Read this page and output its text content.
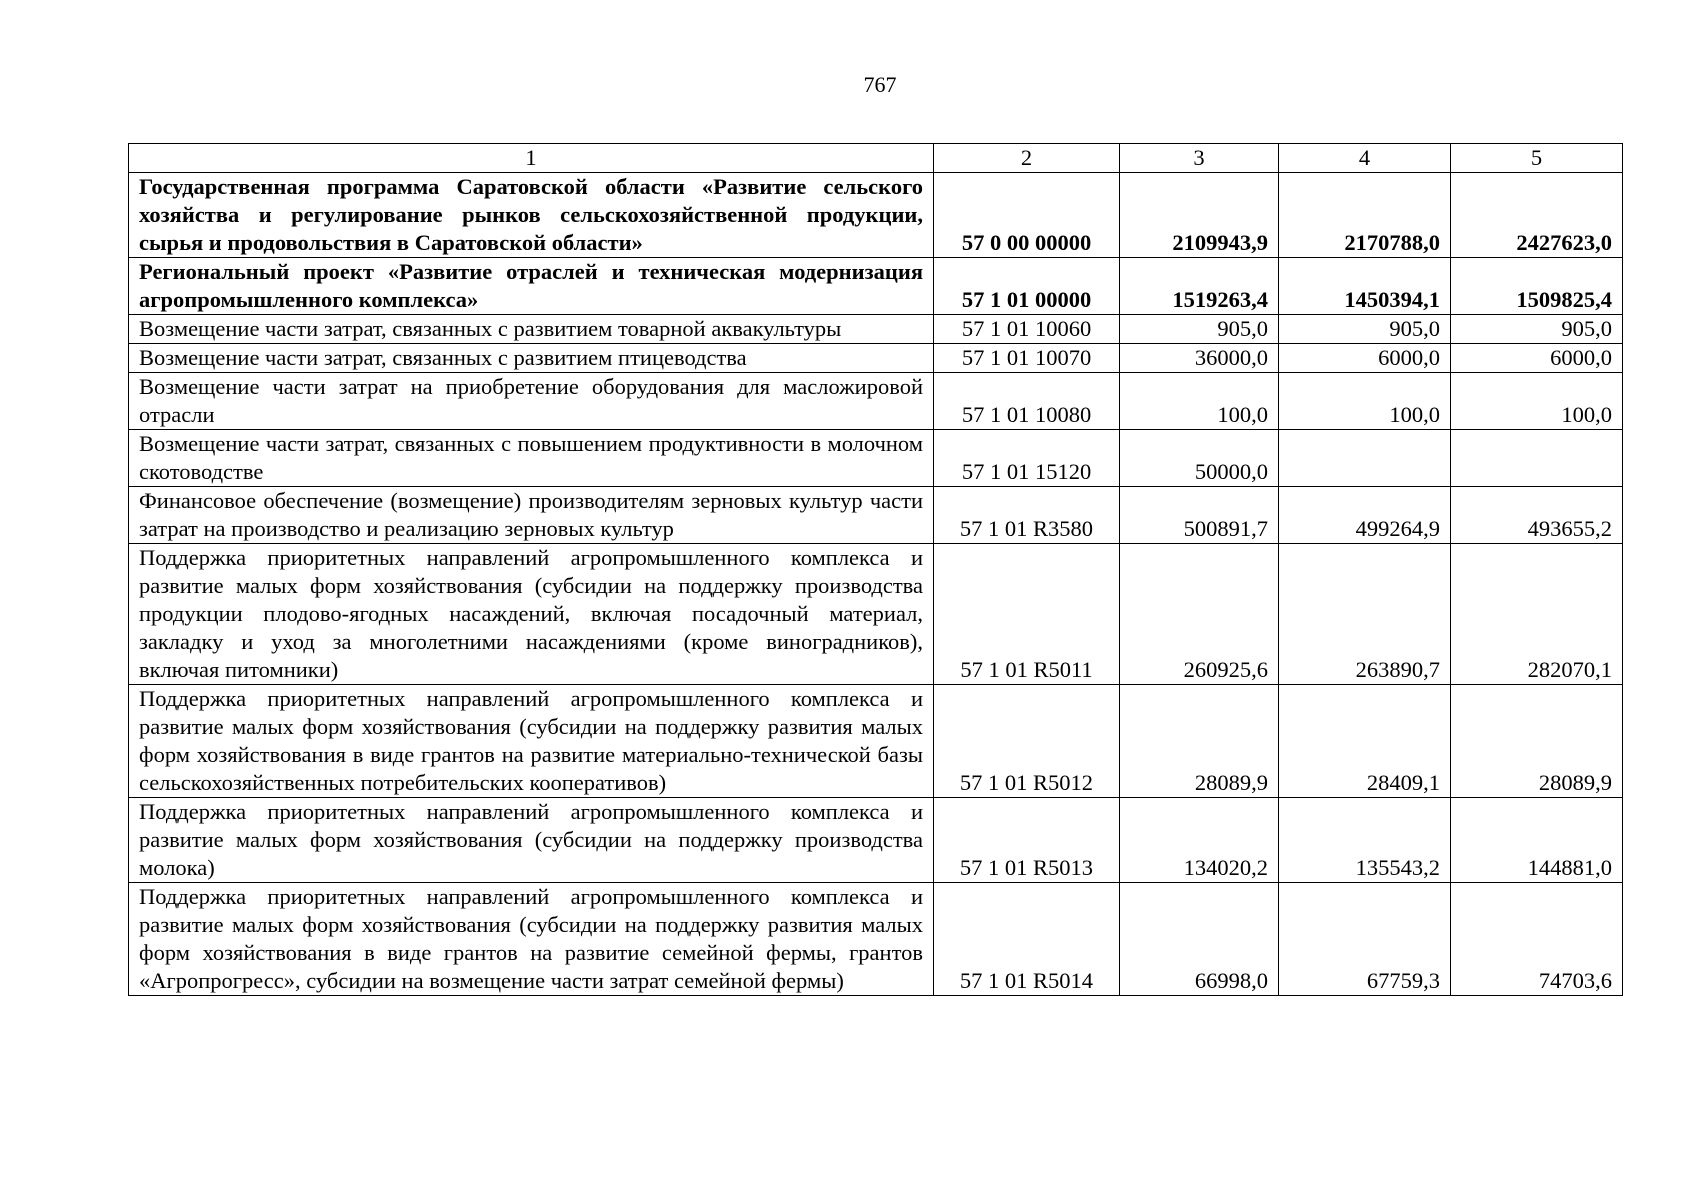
767
1	2	3	4	5
Государственная программа Саратовской области «Развитие сельского хозяйства и регулирование рынков сельскохозяйственной продукции, сырья и продовольствия в Саратовской области»	57 0 00 00000	2109943,9	2170788,0	2427623,0
Региональный проект «Развитие отраслей и техническая модернизация агропромышленного комплекса»	57 1 01 00000	1519263,4	1450394,1	1509825,4
Возмещение части затрат, связанных с развитием товарной аквакультуры	57 1 01 10060	905,0	905,0	905,0
Возмещение части затрат, связанных с развитием птицеводства	57 1 01 10070	36000,0	6000,0	6000,0
Возмещение части затрат на приобретение оборудования для масложировой отрасли	57 1 01 10080	100,0	100,0	100,0
Возмещение части затрат, связанных с повышением продуктивности в молочном скотоводстве	57 1 01 15120	50000,0		
Финансовое обеспечение (возмещение) производителям зерновых культур части затрат на производство и реализацию зерновых культур	57 1 01 R3580	500891,7	499264,9	493655,2
Поддержка приоритетных направлений агропромышленного комплекса и развитие малых форм хозяйствования (субсидии на поддержку производства продукции плодово-ягодных насаждений, включая посадочный материал, закладку и уход за многолетними насаждениями (кроме виноградников), включая питомники)	57 1 01 R5011	260925,6	263890,7	282070,1
Поддержка приоритетных направлений агропромышленного комплекса и развитие малых форм хозяйствования (субсидии на поддержку развития малых форм хозяйствования в виде грантов на развитие материально-технической базы сельскохозяйственных потребительских кооперативов)	57 1 01 R5012	28089,9	28409,1	28089,9
Поддержка приоритетных направлений агропромышленного комплекса и развитие малых форм хозяйствования (субсидии на поддержку производства молока)	57 1 01 R5013	134020,2	135543,2	144881,0
Поддержка приоритетных направлений агропромышленного комплекса и развитие малых форм хозяйствования (субсидии на поддержку развития малых форм хозяйствования в виде грантов на развитие семейной фермы, грантов «Агропрогресс», субсидии на возмещение части затрат семейной фермы)	57 1 01 R5014	66998,0	67759,3	74703,6
